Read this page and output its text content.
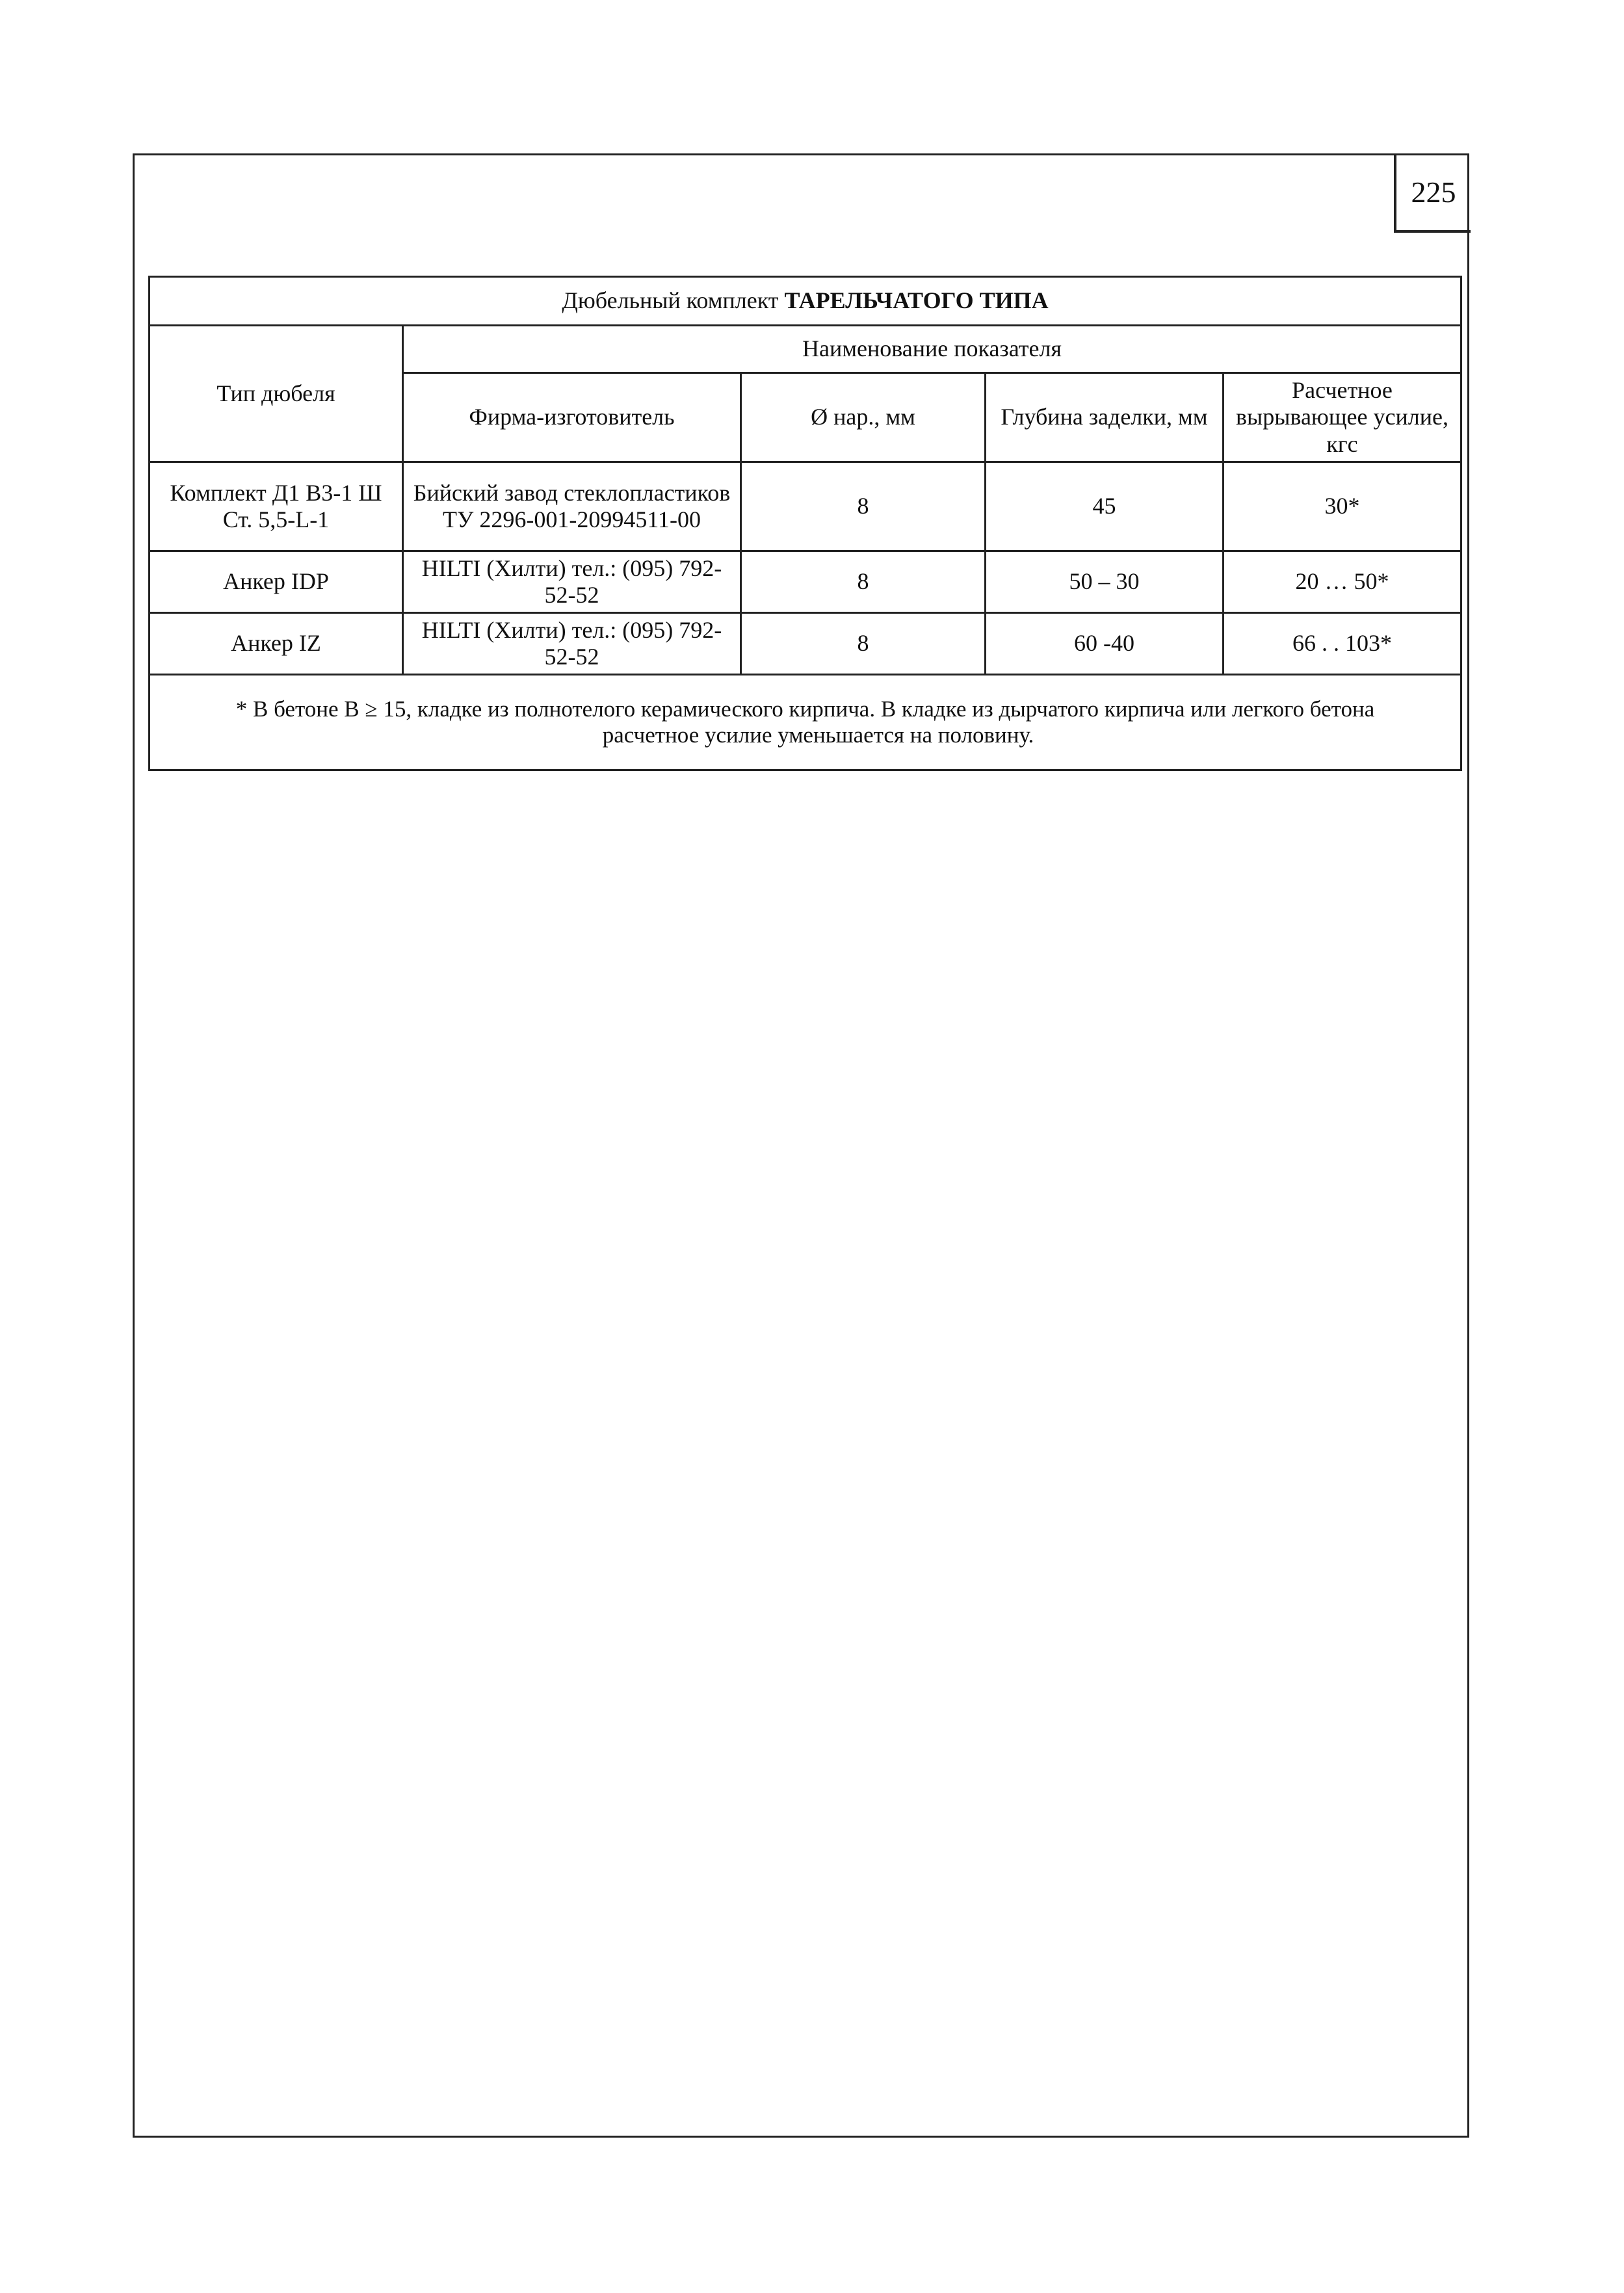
225
Дюбельный комплект ТАРЕЛЬЧАТОГО ТИПА				
Тип дюбеля	Наименование показателя			
	Фирма-изготовитель	Ø нар., мм	Глубина заделки, мм	Расчетное вырывающее усилие, кгс
Комплект Д1 В3-1 Ш Ст. 5,5-L-1	Бийский завод стеклопластиков ТУ 2296-001-20994511-00	8	45	30*
Анкер IDP	HILTI (Хилти) тел.: (095) 792-52-52	8	50 – 30	20 … 50*
Анкер IZ	HILTI (Хилти) тел.: (095) 792-52-52	8	60 -40	66 . . 103*
* В бетоне B ≥ 15, кладке из полнотелого керамического кирпича. В кладке из дырчатого кирпича или легкого бетона
расчетное усилие уменьшается на половину.				
